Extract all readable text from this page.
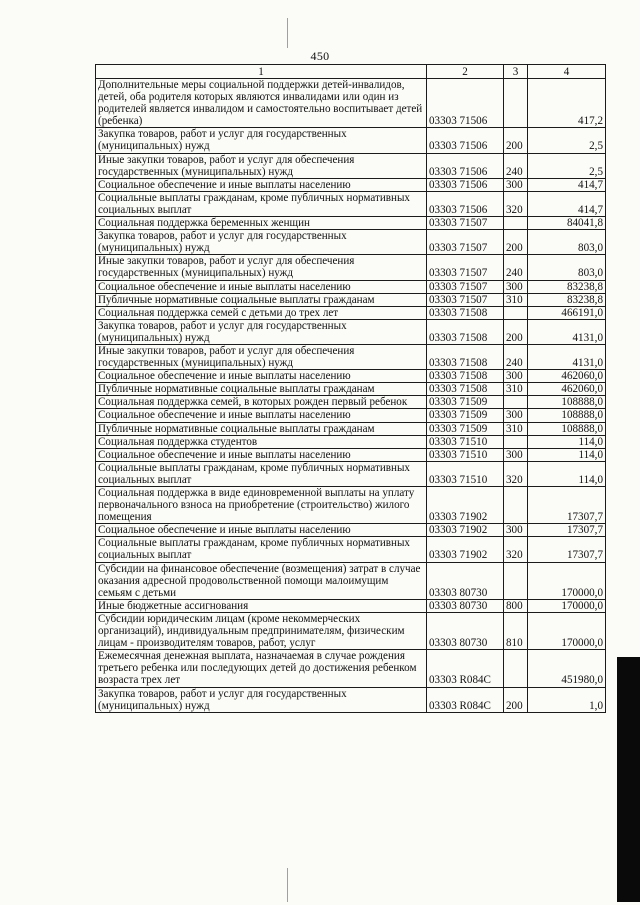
450
1	2	3	4
Дополнительные меры социальной поддержки детей-инвалидов, детей, оба родителя которых являются инвалидами или один из родителей является инвалидом и самостоятельно воспитывает детей (ребенка)	03303 71506		417,2
Закупка товаров, работ и услуг для государственных (муниципальных) нужд	03303 71506	200	2,5
Иные закупки товаров, работ и услуг для обеспечения государственных (муниципальных) нужд	03303 71506	240	2,5
Социальное обеспечение и иные выплаты населению	03303 71506	300	414,7
Социальные выплаты гражданам, кроме публичных нормативных социальных выплат	03303 71506	320	414,7
Социальная поддержка беременных женщин	03303 71507		84041,8
Закупка товаров, работ и услуг для государственных (муниципальных) нужд	03303 71507	200	803,0
Иные закупки товаров, работ и услуг для обеспечения государственных (муниципальных) нужд	03303 71507	240	803,0
Социальное обеспечение и иные выплаты населению	03303 71507	300	83238,8
Публичные нормативные социальные выплаты гражданам	03303 71507	310	83238,8
Социальная поддержка семей с детьми до трех лет	03303 71508		466191,0
Закупка товаров, работ и услуг для государственных (муниципальных) нужд	03303 71508	200	4131,0
Иные закупки товаров, работ и услуг для обеспечения государственных (муниципальных) нужд	03303 71508	240	4131,0
Социальное обеспечение и иные выплаты населению	03303 71508	300	462060,0
Публичные нормативные социальные выплаты гражданам	03303 71508	310	462060,0
Социальная поддержка семей, в которых рожден первый ребенок	03303 71509		108888,0
Социальное обеспечение и иные выплаты населению	03303 71509	300	108888,0
Публичные нормативные социальные выплаты гражданам	03303 71509	310	108888,0
Социальная поддержка студентов	03303 71510		114,0
Социальное обеспечение и иные выплаты населению	03303 71510	300	114,0
Социальные выплаты гражданам, кроме публичных нормативных социальных выплат	03303 71510	320	114,0
Социальная поддержка в виде единовременной выплаты на уплату первоначального взноса на приобретение (строительство) жилого помещения	03303 71902		17307,7
Социальное обеспечение и иные выплаты населению	03303 71902	300	17307,7
Социальные выплаты гражданам, кроме публичных нормативных социальных выплат	03303 71902	320	17307,7
Субсидии на финансовое обеспечение (возмещения) затрат в случае оказания адресной продовольственной помощи малоимущим семьям с детьми	03303 80730		170000,0
Иные бюджетные ассигнования	03303 80730	800	170000,0
Субсидии юридическим лицам (кроме некоммерческих организаций), индивидуальным предпринимателям, физическим лицам - производителям товаров, работ, услуг	03303 80730	810	170000,0
Ежемесячная денежная выплата, назначаемая в случае рождения третьего ребенка или последующих детей до достижения ребенком возраста трех лет	03303 R084C		451980,0
Закупка товаров, работ и услуг для государственных (муниципальных) нужд	03303 R084C	200	1,0
